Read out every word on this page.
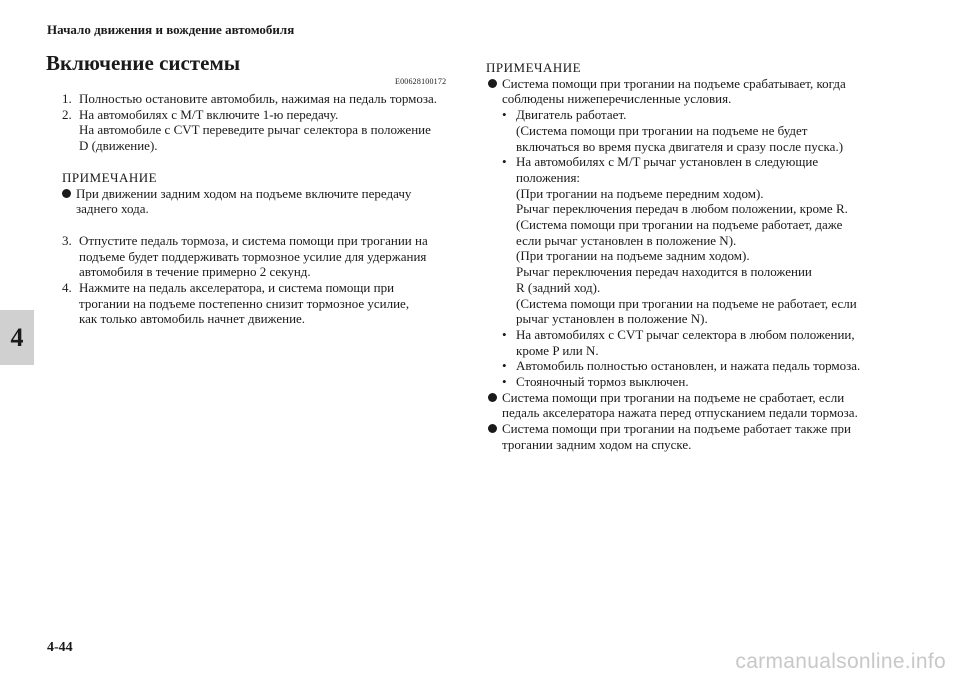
Начало движения и вождение автомобиля
Включение системы
E00628100172
4
4-44
carmanualsonline.info
1. Полностью остановите автомобиль, нажимая на педаль тормоза.
2. На автомобилях с M/T включите 1-ю передачу.
На автомобиле с CVT переведите рычаг селектора в положение
D (движение).
ПРИМЕЧАНИЕ
При движении задним ходом на подъеме включите передачу
заднего хода.
3. Отпустите педаль тормоза, и система помощи при трогании на
подъеме будет поддерживать тормозное усилие для удержания
автомобиля в течение примерно 2 секунд.
4. Нажмите на педаль акселератора, и система помощи при
трогании на подъеме постепенно снизит тормозное усилие,
как только автомобиль начнет движение.
ПРИМЕЧАНИЕ
Система помощи при трогании на подъеме срабатывает, когда
соблюдены нижеперечисленные условия.
• Двигатель работает.
(Система помощи при трогании на подъеме не будет
включаться во время пуска двигателя и сразу после пуска.)
• На автомобилях с M/T рычаг установлен в следующие
положения:
(При трогании на подъеме передним ходом).
Рычаг переключения передач в любом положении, кроме R.
(Система помощи при трогании на подъеме работает, даже
если рычаг установлен в положение N).
(При трогании на подъеме задним ходом).
Рычаг переключения передач находится в положении
R (задний ход).
(Система помощи при трогании на подъеме не работает, если
рычаг установлен в положение N).
• На автомобилях с CVT рычаг селектора в любом положении,
кроме P или N.
• Автомобиль полностью остановлен, и нажата педаль тормоза.
• Стояночный тормоз выключен.
Система помощи при трогании на подъеме не сработает, если
педаль акселератора нажата перед отпусканием педали тормоза.
Система помощи при трогании на подъеме работает также при
трогании задним ходом на спуске.
